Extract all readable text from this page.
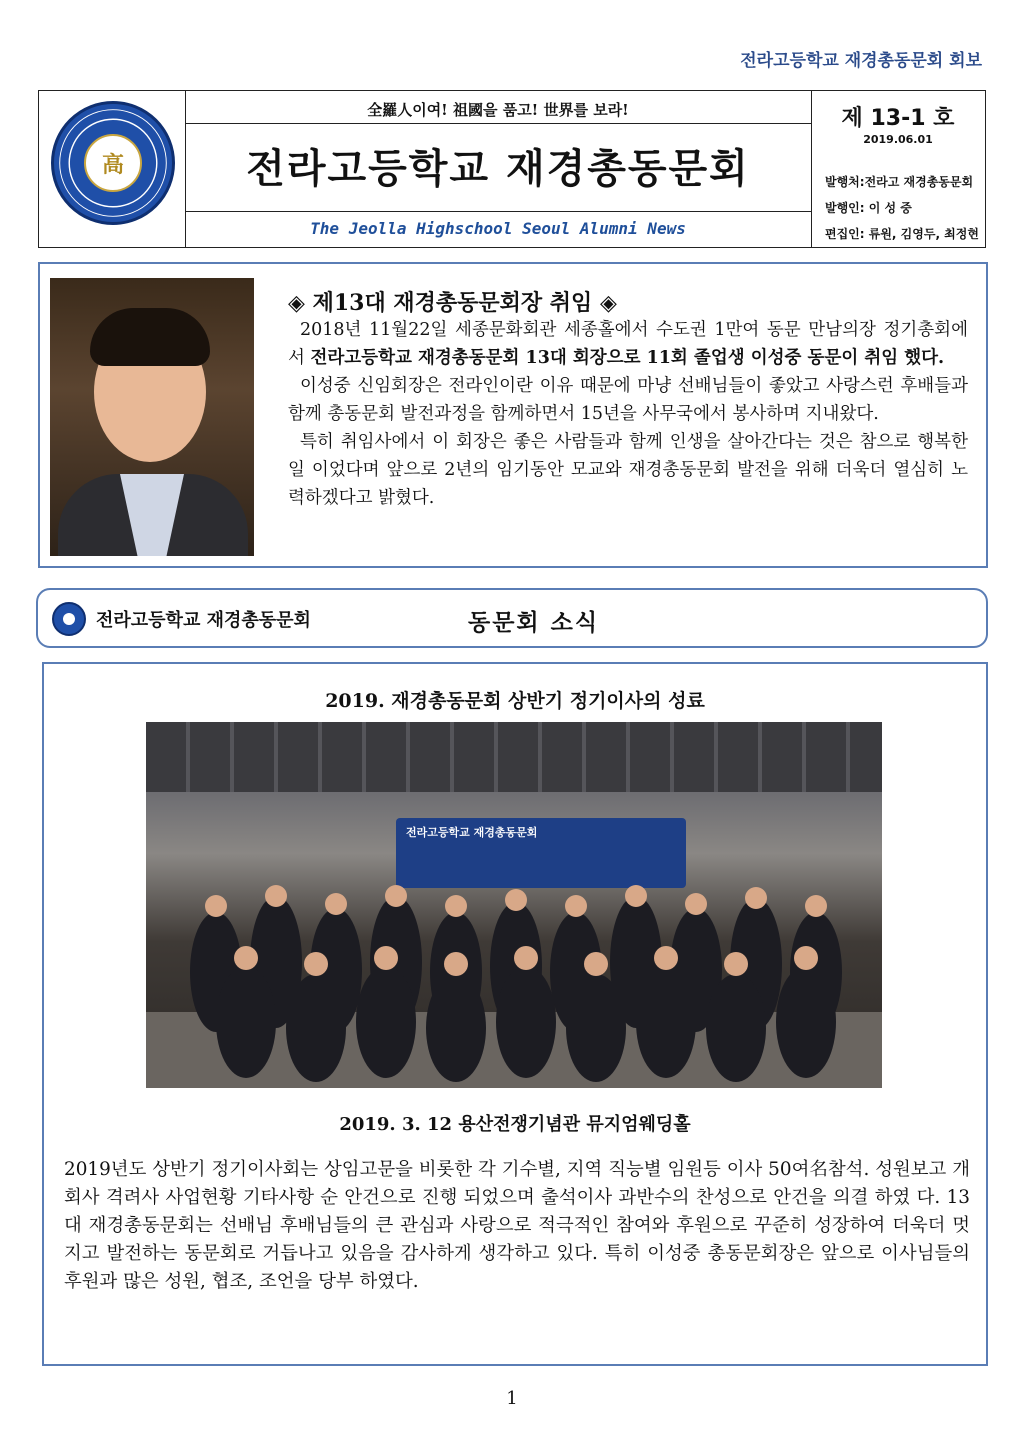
전라고등학교 재경총동문회 회보
高
全羅人이여! 祖國을 품고! 世界를 보라!
전라고등학교 재경총동문회
The Jeolla Highschool Seoul Alumni News
제 13-1 호
2019.06.01
발행처:전라고 재경총동문회
발행인: 이 성 중
편집인: 류원, 김영두, 최정현
◈ 제13대 재경총동문회장 취임 ◈

2018년 11월22일 세종문화회관 세종홀에서 수도권 1만여 동문 만남의장 정기총회에서 전라고등학교 재경총동문회 13대 회장으로 11회 졸업생 이성중 동문이 취임 했다.

이성중 신임회장은 전라인이란 이유 때문에 마냥 선배님들이 좋았고 사랑스런 후배들과 함께 총동문회 발전과정을 함께하면서 15년을 사무국에서 봉사하며 지내왔다.

특히 취임사에서 이 회장은 좋은 사람들과 함께 인생을 살아간다는 것은 참으로 행복한 일 이었다며 앞으로 2년의 임기동안 모교와 재경총동문회 발전을 위해 더욱더 열심히 노력하겠다고 밝혔다.

전라고등학교 재경총동문회	동문회 소식
2019. 재경총동문회 상반기 정기이사의 성료
전라고등학교 재경총동문회
2019. 3. 12 용산전쟁기념관 뮤지엄웨딩홀
2019년도 상반기 정기이사회는 상임고문을 비롯한 각 기수별, 지역 직능별 임원등 이사 50여名참석. 성원보고 개회사 격려사 사업현황 기타사항 순 안건으로 진행 되었으며 출석이사 과반수의 찬성으로 안건을 의결 하였 다. 13대 재경총동문회는 선배님 후배님들의 큰 관심과 사랑으로 적극적인 참여와 후원으로 꾸준히 성장하여 더욱더 멋지고 발전하는 동문회로 거듭나고 있음을 감사하게 생각하고 있다. 특히 이성중 총동문회장은 앞으로 이사님들의 후원과 많은 성원, 협조, 조언을 당부 하였다.
1
